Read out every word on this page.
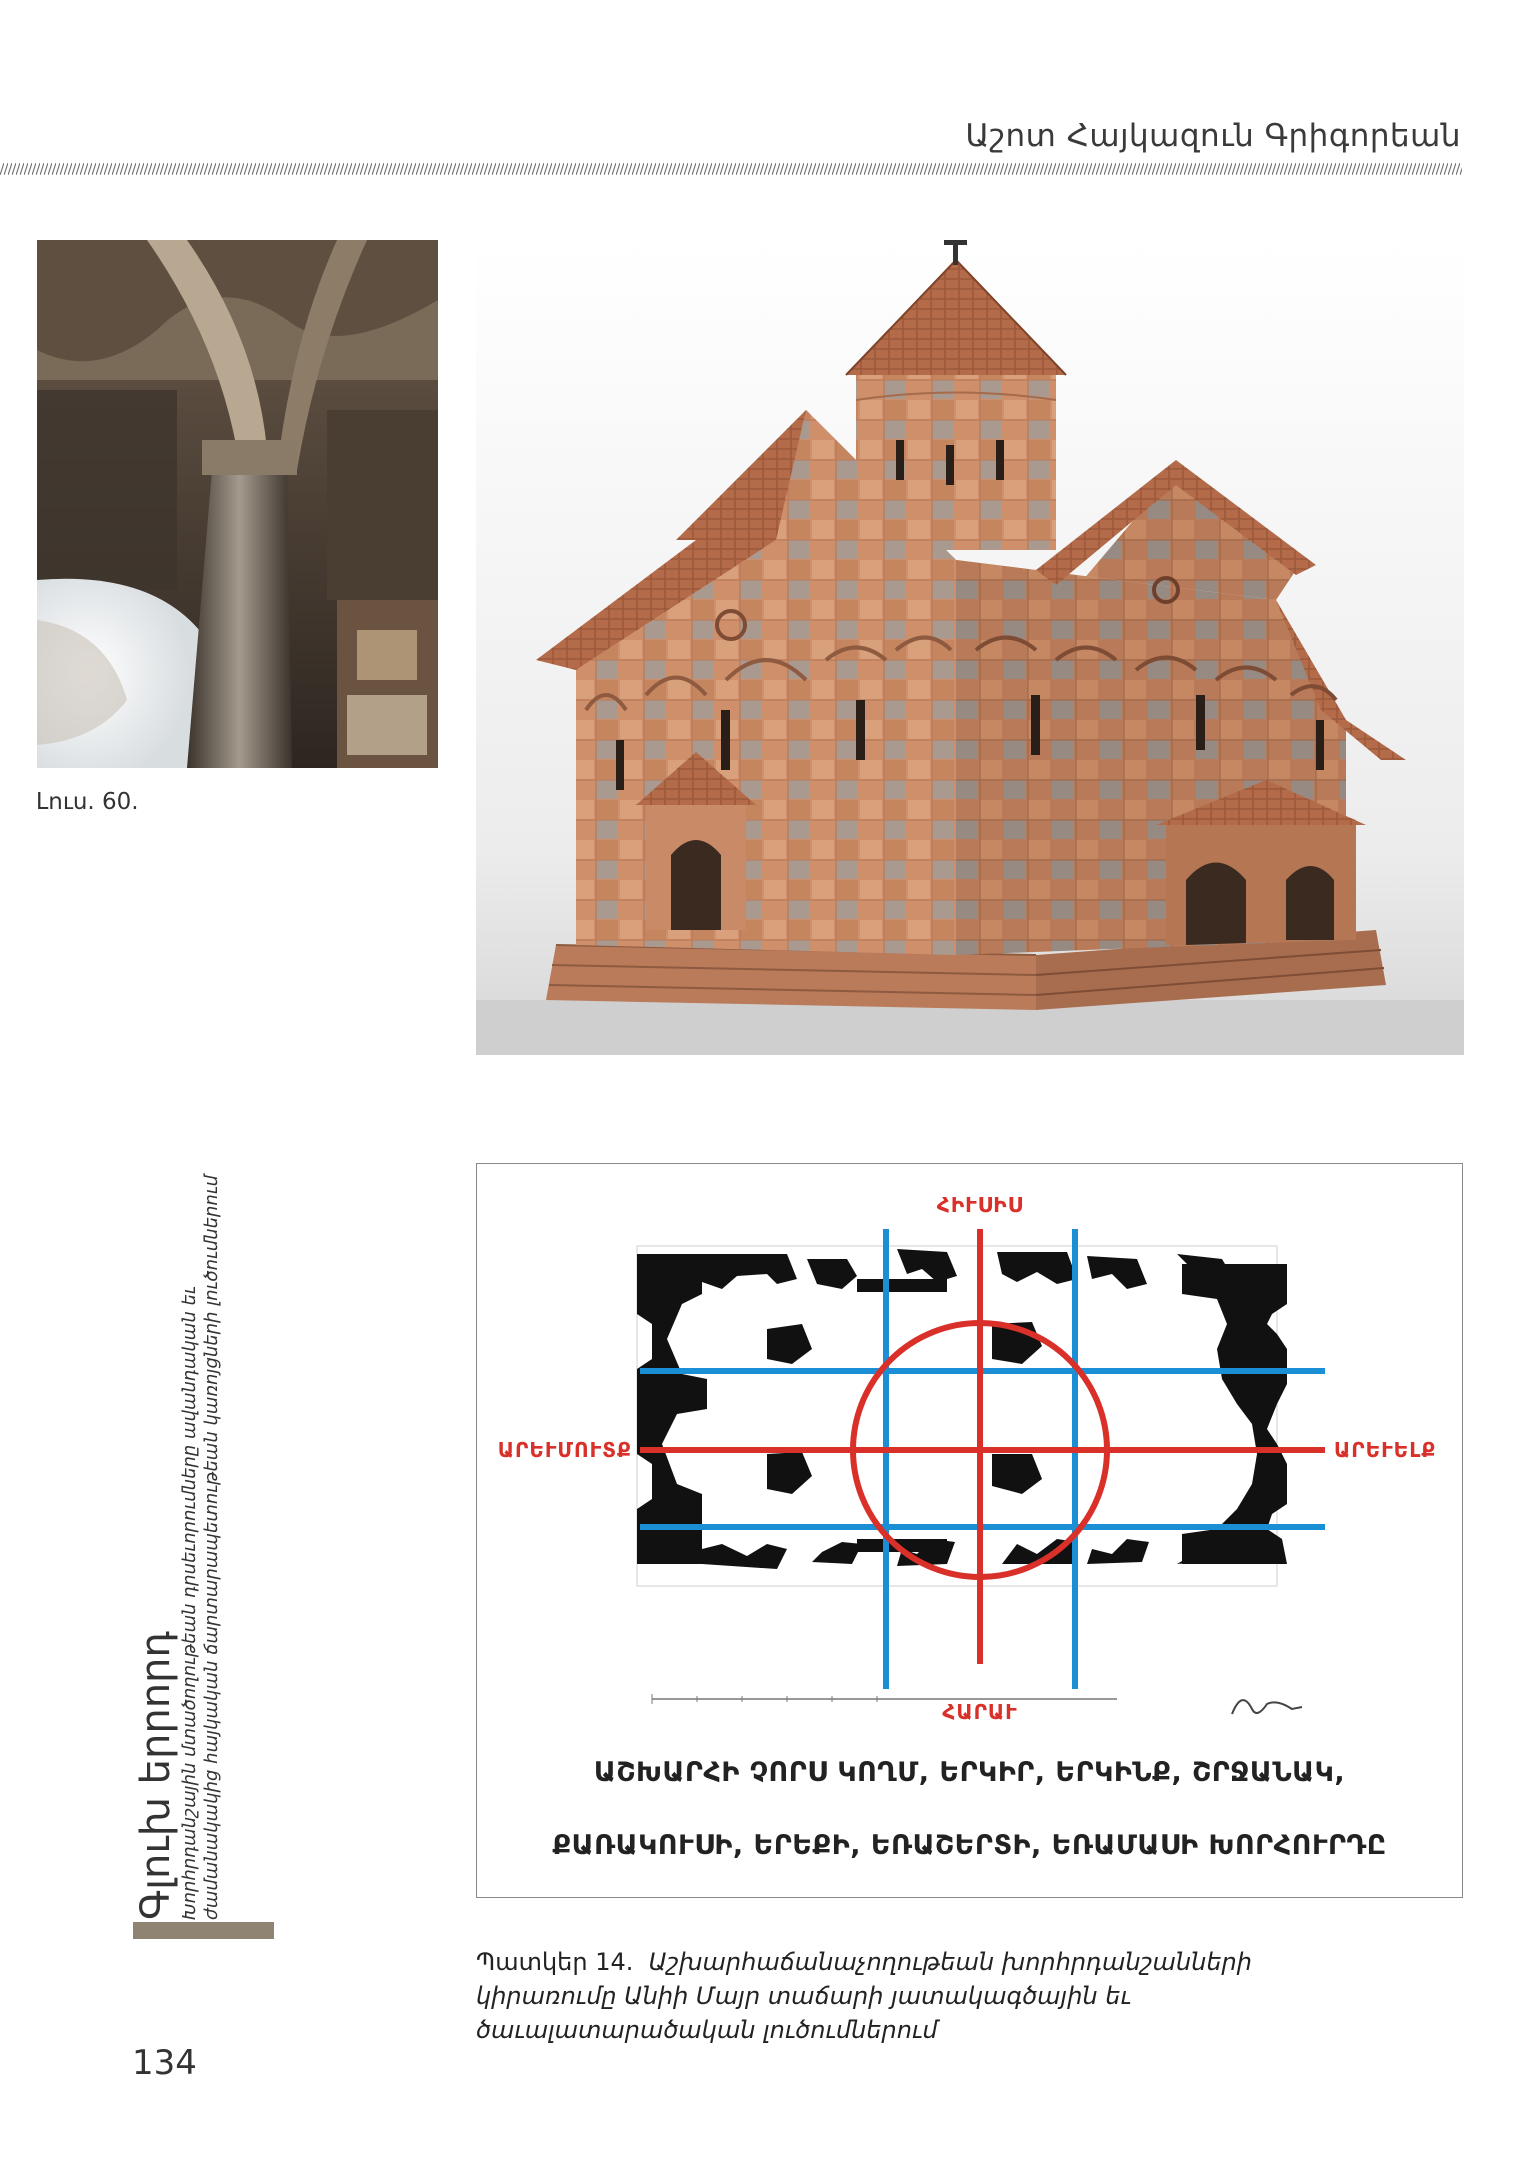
Աշոտ Հայկազուն Գրիգորեան
Լուս. 60.
ՀԻՒՍԻՍ
ՀԱՐԱՒ
ԱՐԵՒՄՈՒՏՔ	ԱՐԵՒԵԼՔ
ԱՇԽԱՐՀԻ ՉՈՐՍ ԿՈՂՄ, ԵՐԿԻՐ, ԵՐԿԻՆՔ, ՇՐՋԱՆԱԿ,
ՔԱՌԱԿՈՒՍԻ, ԵՐԵՔԻ, ԵՌԱՇԵՐՏԻ, ԵՌԱՄԱՍԻ ԽՈՐՀՈՒՐԴԸ
Պատկեր 14. Աշխարհաճանաչողութեան խորհրդանշանների կիրառումը Անիի Մայր տաճարի յատակագծային եւ ծաւալատարածական լուծումներում
Գլուխ երրորդ Խորհրդանշային մտածողութեան դրսեւորումները ավանդական եւ ժամանակակից հայկական ճարտարապետութեան կառոյցների լուծումներում
134
